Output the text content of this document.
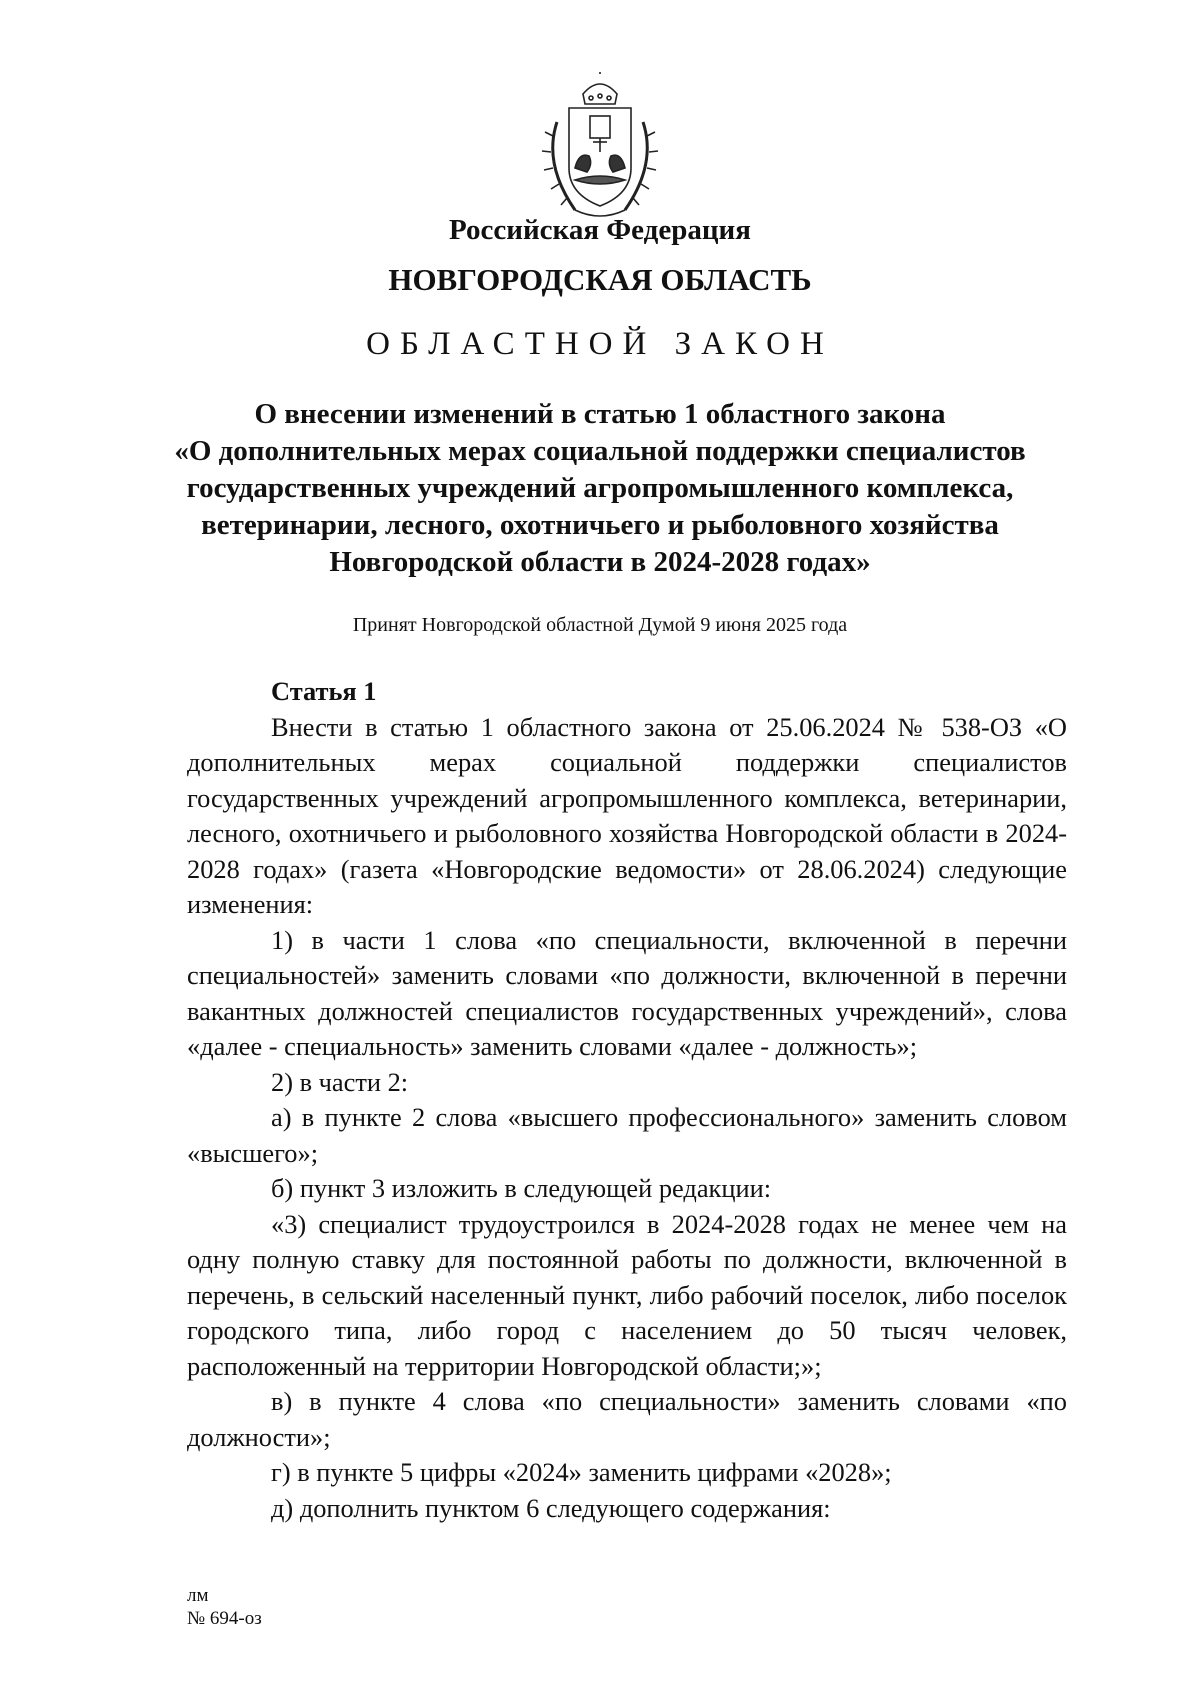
Российская Федерация
НОВГОРОДСКАЯ ОБЛАСТЬ
ОБЛАСТНОЙ ЗАКОН
О внесении изменений в статью 1 областного закона
«О дополнительных мерах социальной поддержки специалистов
государственных учреждений агропромышленного комплекса,
ветеринарии, лесного, охотничьего и рыболовного хозяйства
Новгородской области в 2024-2028 годах»
Принят Новгородской областной Думой 9 июня 2025 года
Статья 1

Внести в статью 1 областного закона от 25.06.2024 № 538-ОЗ «О дополнительных мерах социальной поддержки специалистов государственных учреждений агропромышленного комплекса, ветеринарии, лесного, охотничьего и рыболовного хозяйства Новгородской области в 2024-2028 годах» (газета «Новгородские ведомости» от 28.06.2024) следующие изменения:

1) в части 1 слова «по специальности, включенной в перечни специальностей» заменить словами «по должности, включенной в перечни вакантных должностей специалистов государственных учреждений», слова «далее - специальность» заменить словами «далее - должность»;

2) в части 2:

а) в пункте 2 слова «высшего профессионального» заменить словом «высшего»;

б) пункт 3 изложить в следующей редакции:

«3) специалист трудоустроился в 2024-2028 годах не менее чем на одну полную ставку для постоянной работы по должности, включенной в перечень, в сельский населенный пункт, либо рабочий поселок, либо поселок городского типа, либо город с населением до 50 тысяч человек, расположенный на территории Новгородской области;»;

в) в пункте 4 слова «по специальности» заменить словами «по должности»;

г) в пункте 5 цифры «2024» заменить цифрами «2028»;

д) дополнить пунктом 6 следующего содержания:

лм
№ 694-оз
